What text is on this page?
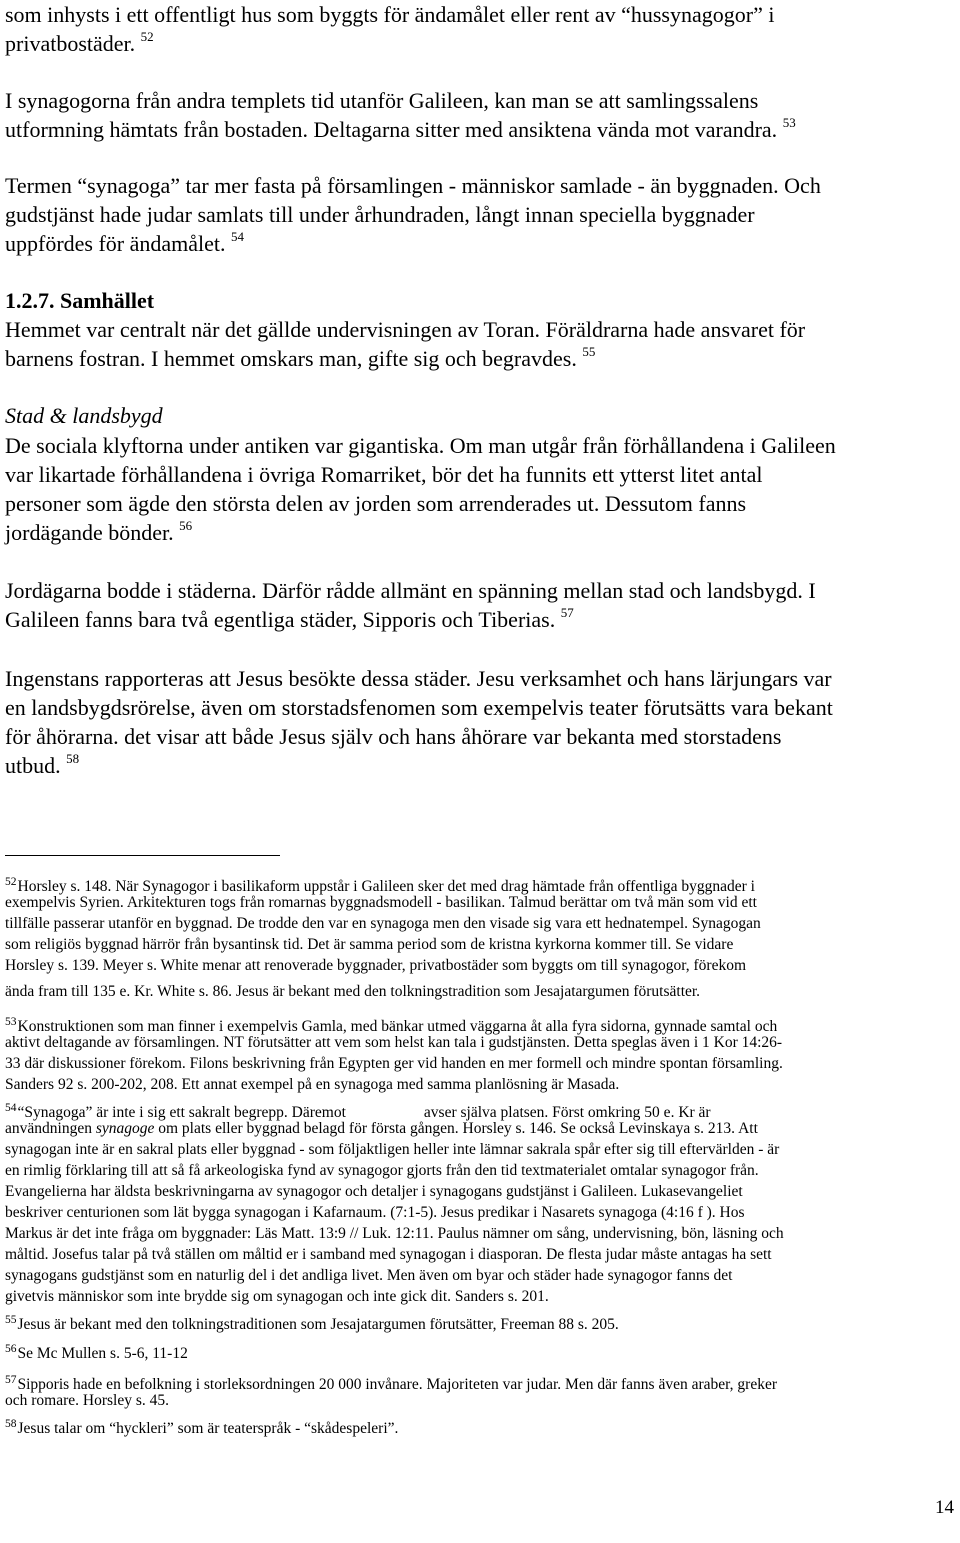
som inhysts i ett offentligt hus som byggts för ändamålet eller rent av “hussynagogor” i

privatbostäder. $^{52}$

I synagogorna från andra templets tid utanför Galileen, kan man se att samlingssalens

utformning hämtats från bostaden. Deltagarna sitter med ansiktena vända mot varandra. $^{53}$

Termen “synagoga” tar mer fasta på församlingen - människor samlade - än byggnaden. Och

gudstjänst hade judar samlats till under århundraden, långt innan speciella byggnader

uppfördes för ändamålet. $^{54}$

1.2.7. Samhället

Hemmet var centralt när det gällde undervisningen av Toran. Föräldrarna hade ansvaret för

barnens fostran. I hemmet omskars man, gifte sig och begravdes. $^{55}$

Stad & landsbygd

De sociala klyftorna under antiken var gigantiska. Om man utgår från förhållandena i Galileen

var likartade förhållandena i övriga Romarriket, bör det ha funnits ett ytterst litet antal

personer som ägde den största delen av jorden som arrenderades ut. Dessutom fanns

jordägande bönder. $^{56}$

Jordägarna bodde i städerna. Därför rådde allmänt en spänning mellan stad och landsbygd. I

Galileen fanns bara två egentliga städer, Sipporis och Tiberias. $^{57}$

Ingenstans rapporteras att Jesus besökte dessa städer. Jesu verksamhet och hans lärjungars var

en landsbygdsrörelse, även om storstadsfenomen som exempelvis teater förutsätts vara bekant

för åhörarna. det visar att både Jesus själv och hans åhörare var bekanta med storstadens

utbud. $^{58}$

$^{52}$Horsley s. 148. När Synagogor i basilikaform uppstår i Galileen sker det med drag hämtade från offentliga byggnader i

exempelvis Syrien. Arkitekturen togs från romarnas byggnadsmodell - basilikan. Talmud berättar om två män som vid ett

tillfälle passerar utanför en byggnad. De trodde den var en synagoga men den visade sig vara ett hednatempel. Synagogan

som religiös byggnad härrör från bysantinsk tid. Det är samma period som de kristna kyrkorna kommer till. Se vidare

Horsley s. 139. Meyer s. White menar att renoverade byggnader, privatbostäder som byggts om till synagogor, förekom

ända fram till 135 e. Kr. White s. 86. Jesus är bekant med den tolkningstradition som Jesajatargumen förutsätter.

$^{53}$Konstruktionen som man finner i exempelvis Gamla, med bänkar utmed väggarna åt alla fyra sidorna, gynnade samtal och

aktivt deltagande av församlingen. NT förutsätter att vem som helst kan tala i gudstjänsten. Detta speglas även i 1 Kor 14:26-

33 där diskussioner förekom. Filons beskrivning från Egypten ger vid handen en mer formell och mindre spontan församling.

Sanders 92 s. 200-202, 208. Ett annat exempel på en synagoga med samma planlösning är Masada.

$^{54}$“Synagoga” är inte i sig ett sakralt begrepp. Däremot	avser själva platsen. Först omkring 50 e. Kr är

användningen synagoge om plats eller byggnad belagd för första gången. Horsley s. 146. Se också Levinskaya s. 213. Att

synagogan inte är en sakral plats eller byggnad - som följaktligen heller inte lämnar sakrala spår efter sig till eftervärlden - är

en rimlig förklaring till att så få arkeologiska fynd av synagogor gjorts från den tid textmaterialet omtalar synagogor från.

Evangelierna har äldsta beskrivningarna av synagogor och detaljer i synagogans gudstjänst i Galileen. Lukasevangeliet

beskriver centurionen som lät bygga synagogan i Kafarnaum. (7:1-5). Jesus predikar i Nasarets synagoga (4:16 f ). Hos

Markus är det inte fråga om byggnader: Läs Matt. 13:9 // Luk. 12:11. Paulus nämner om sång, undervisning, bön, läsning och

måltid. Josefus talar på två ställen om måltid er i samband med synagogan i diasporan. De flesta judar måste antagas ha sett

synagogans gudstjänst som en naturlig del i det andliga livet. Men även om byar och städer hade synagogor fanns det

givetvis människor som inte brydde sig om synagogan och inte gick dit. Sanders s. 201.

$^{55}$Jesus är bekant med den tolkningstraditionen som Jesajatargumen förutsätter, Freeman 88 s. 205.

$^{56}$Se Mc Mullen s. 5-6, 11-12

$^{57}$Sipporis hade en befolkning i storleksordningen 20 000 invånare. Majoriteten var judar. Men där fanns även araber, greker

och romare. Horsley s. 45.

$^{58}$Jesus talar om “hyckleri” som är teaterspråk - “skådespeleri”.

14
